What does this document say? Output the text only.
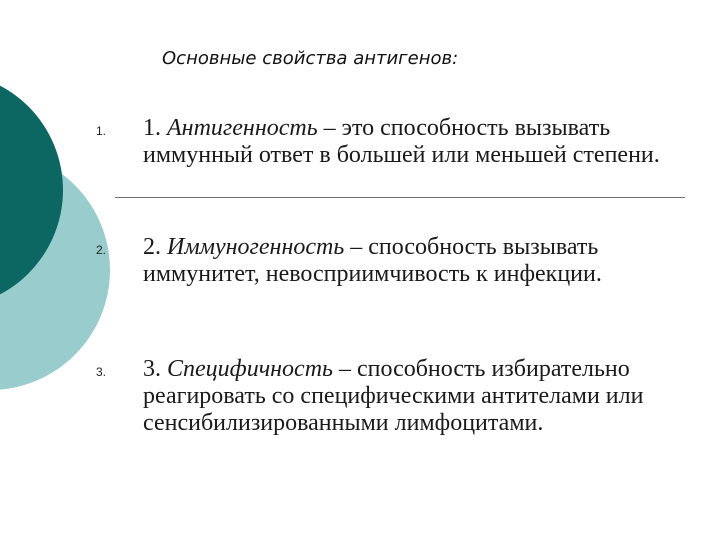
Основные свойства антигенов:
1. 1. Антигенность – это способность вызывать иммунный ответ в большей или меньшей степени.
2. 2. Иммуногенность – способность вызывать иммунитет, невосприимчивость к инфекции.
3. 3. Специфичность – способность избирательно реагировать со специфическими антителами или сенсибилизированными лимфоцитами.
